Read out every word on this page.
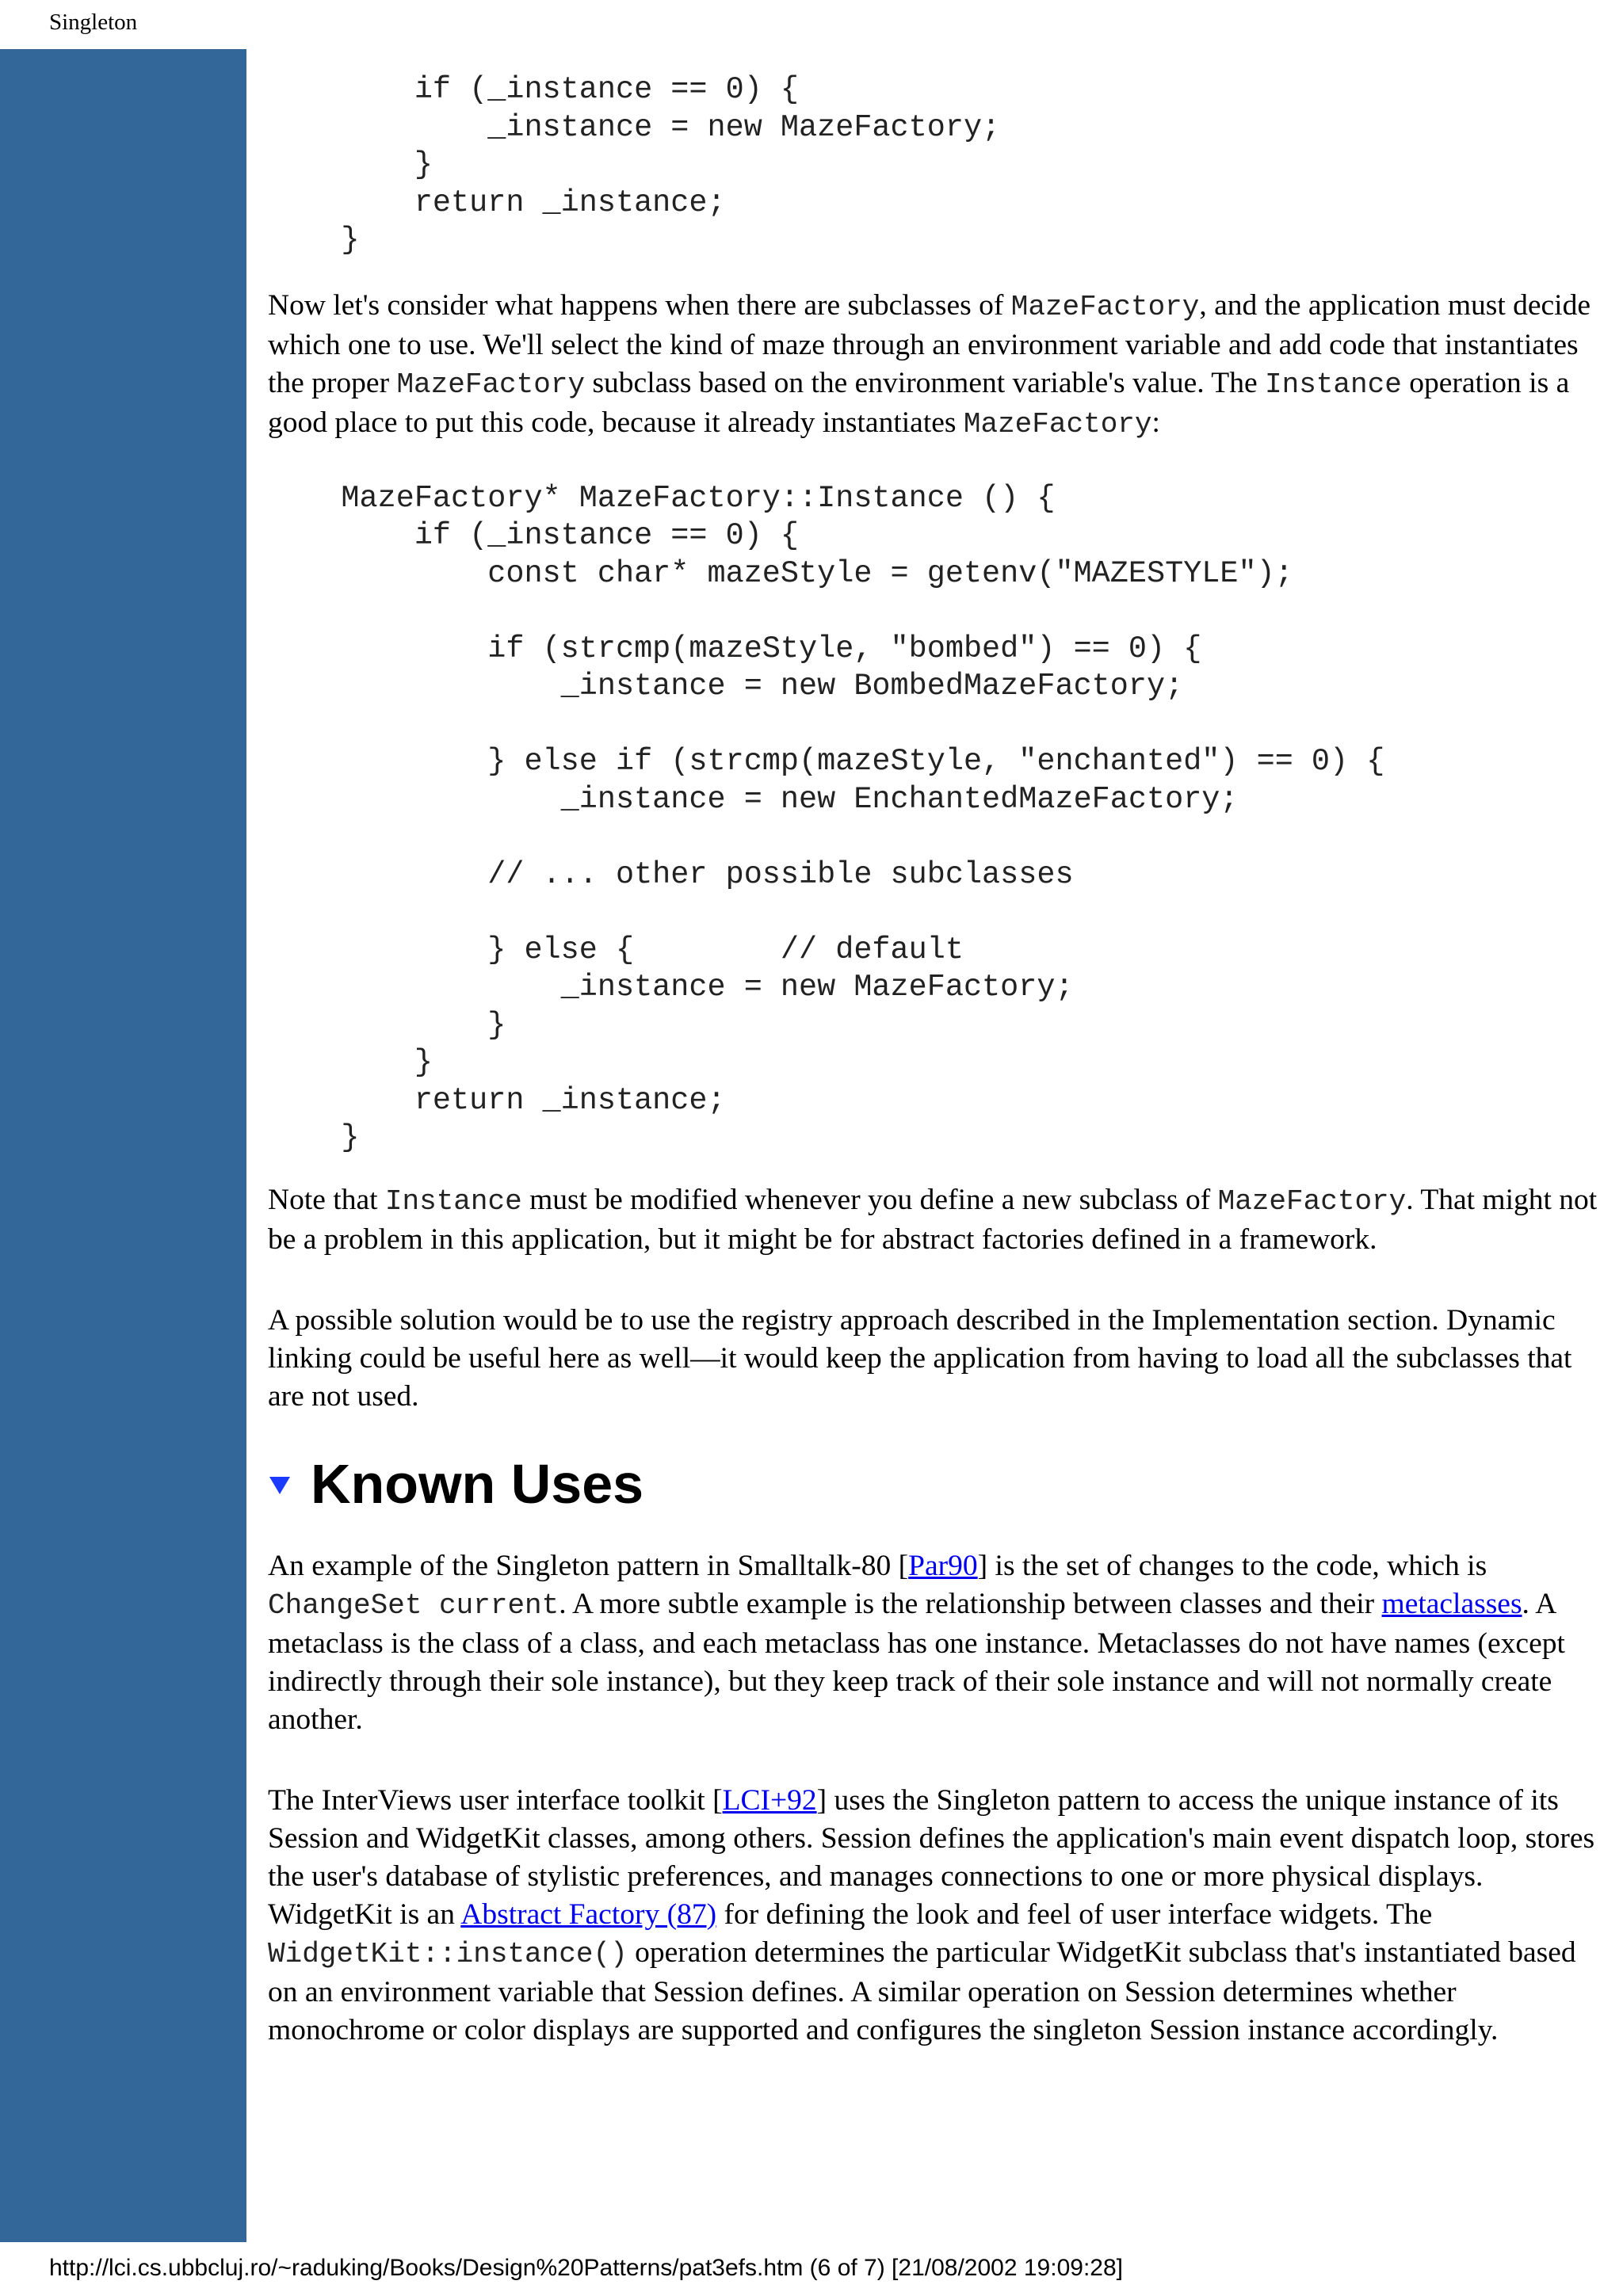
Singleton
if (_instance == 0) {
_instance = new MazeFactory;
}
return _instance;
}

Now let's consider what happens when there are subclasses of MazeFactory, and the application must decide which one to use. We'll select the kind of maze through an environment variable and add code that instantiates the proper MazeFactory subclass based on the environment variable's value. The Instance operation is a good place to put this code, because it already instantiates MazeFactory:

MazeFactory* MazeFactory::Instance () {
if (_instance == 0) {
const char* mazeStyle = getenv("MAZESTYLE");

if (strcmp(mazeStyle, "bombed") == 0) {
_instance = new BombedMazeFactory;

} else if (strcmp(mazeStyle, "enchanted") == 0) {
_instance = new EnchantedMazeFactory;

// ... other possible subclasses

} else {        // default
_instance = new MazeFactory;
}
}
return _instance;
}

Note that Instance must be modified whenever you define a new subclass of MazeFactory. That might not be a problem in this application, but it might be for abstract factories defined in a framework.

A possible solution would be to use the registry approach described in the Implementation section. Dynamic linking could be useful here as well—it would keep the application from having to load all the subclasses that are not used.

Known Uses

An example of the Singleton pattern in Smalltalk-80 [Par90] is the set of changes to the code, which is ChangeSet current. A more subtle example is the relationship between classes and their metaclasses. A metaclass is the class of a class, and each metaclass has one instance. Metaclasses do not have names (except indirectly through their sole instance), but they keep track of their sole instance and will not normally create another.

The InterViews user interface toolkit [LCI+92] uses the Singleton pattern to access the unique instance of its Session and WidgetKit classes, among others. Session defines the application's main event dispatch loop, stores the user's database of stylistic preferences, and manages connections to one or more physical displays. WidgetKit is an Abstract Factory (87) for defining the look and feel of user interface widgets. The WidgetKit::instance() operation determines the particular WidgetKit subclass that's instantiated based on an environment variable that Session defines. A similar operation on Session determines whether monochrome or color displays are supported and configures the singleton Session instance accordingly.

http://lci.cs.ubbcluj.ro/~raduking/Books/Design%20Patterns/pat3efs.htm (6 of 7) [21/08/2002 19:09:28]
